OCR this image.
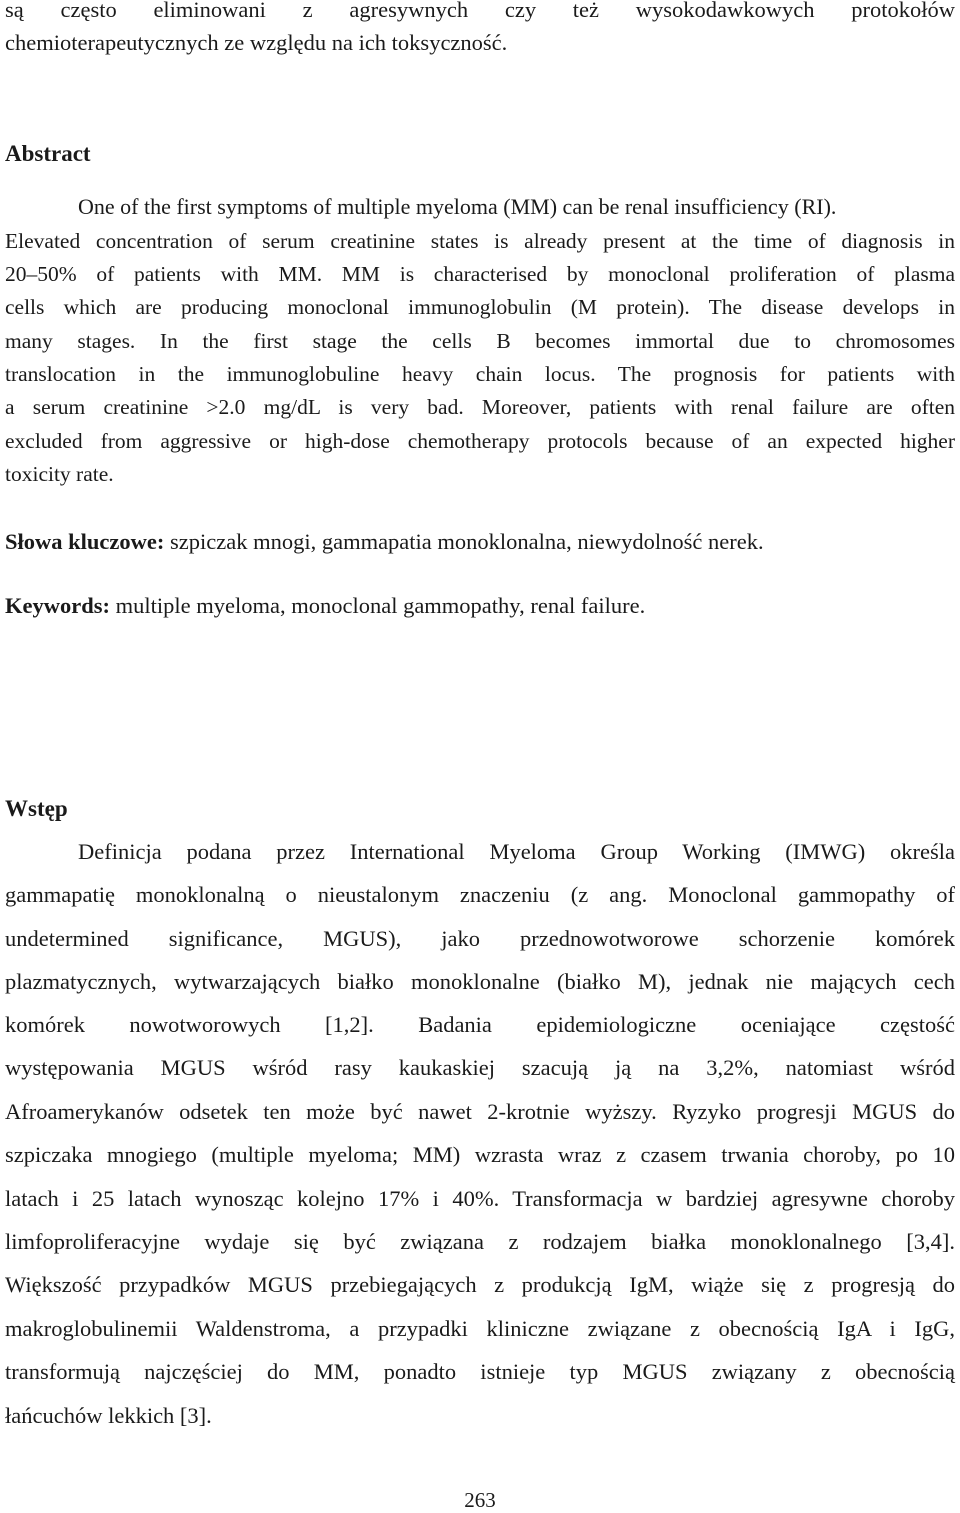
są często eliminowani z agresywnych czy też wysokodawkowych protokołów
chemioterapeutycznych ze względu na ich toksyczność.
Abstract
One of the first symptoms of multiple myeloma (MM) can be renal insufficiency (RI).
Elevated concentration of serum creatinine states is already present at the time of diagnosis in
20–50% of patients with MM. MM is characterised by monoclonal proliferation of plasma
cells which are producing monoclonal immunoglobulin (M protein). The disease develops in
many stages. In the first stage the cells B becomes immortal due to chromosomes
translocation in the immunoglobuline heavy chain locus. The prognosis for patients with
a serum creatinine >2.0 mg/dL is very bad. Moreover, patients with renal failure are often
excluded from aggressive or high-dose chemotherapy protocols because of an expected higher
toxicity rate.
Słowa kluczowe: szpiczak mnogi, gammapatia monoklonalna, niewydolność nerek.
Keywords: multiple myeloma, monoclonal gammopathy, renal failure.
Wstęp
Definicja podana przez International Myeloma Group Working (IMWG) określa
gammapatię monoklonalną o nieustalonym znaczeniu (z ang. Monoclonal gammopathy of
undetermined significance, MGUS), jako przednowotworowe schorzenie komórek
plazmatycznych, wytwarzających białko monoklonalne (białko M), jednak nie mających cech
komórek nowotworowych [1,2]. Badania epidemiologiczne oceniające częstość
występowania MGUS wśród rasy kaukaskiej szacują ją na 3,2%, natomiast wśród
Afroamerykanów odsetek ten może być nawet 2-krotnie wyższy. Ryzyko progresji MGUS do
szpiczaka mnogiego (multiple myeloma; MM) wzrasta wraz z czasem trwania choroby, po 10
latach i 25 latach wynosząc kolejno 17% i 40%. Transformacja w bardziej agresywne choroby
limfoproliferacyjne wydaje się być związana z rodzajem białka monoklonalnego [3,4].
Większość przypadków MGUS przebiegających z produkcją IgM, wiąże się z progresją do
makroglobulinemii Waldenstroma, a przypadki kliniczne związane z obecnością IgA i IgG,
transformują najczęściej do MM, ponadto istnieje typ MGUS związany z obecnością
łańcuchów lekkich [3].
263
